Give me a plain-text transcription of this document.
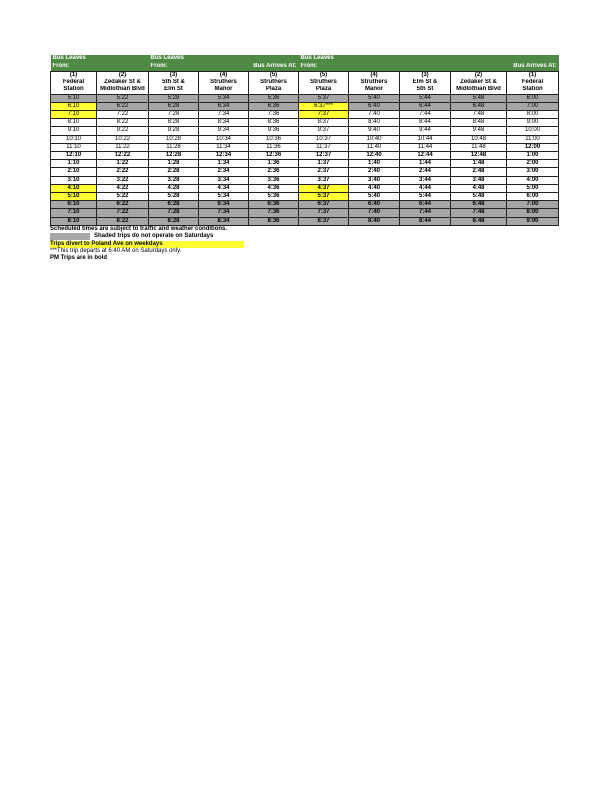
Bus Leaves		Bus Leaves			Bus Leaves				
From:		From:		Bus Arrives At:	From:				Bus Arrives At:
(1)	(2)	(3)	(4)	(5)	(5)	(4)	(3)	(2)	(1)
Federal	Zedaker St &	5th St &	Struthers	Struthers	Struthers	Struthers	Elm St &	Zedaker St &	Federal
Station	Midlothian Blvd	Elm St	Manor	Plaza	Plaza	Manor	5th St	Midlothian Blvd	Station
5:10	5:22	5:28	5:34	5:36	5:37	5:40	5:44	5:48	6:00
6:10	6:22	6:28	6:34	6:36	6:37***	6:40	6:44	6:48	7:00
7:10	7:22	7:28	7:34	7:36	7:37	7:40	7:44	7:48	8:00
8:10	8:22	8:28	8:34	8:36	8:37	8:40	8:44	8:48	9:00
9:10	9:22	9:28	9:34	9:36	9:37	9:40	9:44	9:48	10:00
10:10	10:22	10:28	10:34	10:36	10:37	10:40	10:44	10:48	11:00
11:10	11:22	11:28	11:34	11:36	11:37	11:40	11:44	11:48	12:00
12:10	12:22	12:28	12:34	12:36	12:37	12:40	12:44	12:48	1:00
1:10	1:22	1:28	1:34	1:36	1:37	1:40	1:44	1:48	2:00
2:10	2:22	2:28	2:34	2:36	2:37	2:40	2:44	2:48	3:00
3:10	3:22	3:28	3:34	3:36	3:37	3:40	3:44	3:48	4:00
4:10	4:22	4:28	4:34	4:36	4:37	4:40	4:44	4:48	5:00
5:10	5:22	5:28	5:34	5:36	5:37	5:40	5:44	5:48	6:00
6:10	6:22	6:28	6:34	6:36	6:37	6:40	6:44	6:48	7:00
7:10	7:22	7:28	7:34	7:36	7:37	7:40	7:44	7:48	8:00
8:10	8:22	8:28	8:34	8:36	8:37	8:40	8:44	8:48	9:00
Scheduled times are subject to traffic and weather conditions.
Shaded trips do not operate on Saturdays
Trips divert to Poland Ave on weekdays
***This trip departs at 6:40 AM on Saturdays only.
PM Trips are in bold
